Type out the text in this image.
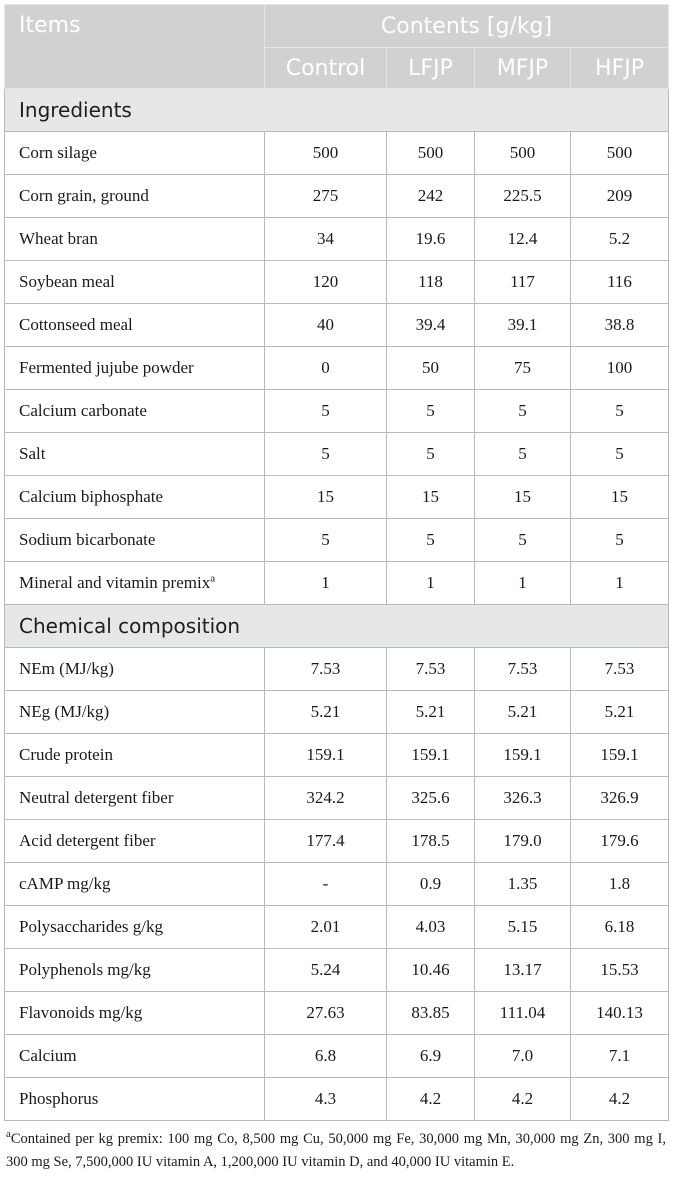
Items	Contents [g/kg]			
	Control	LFJP	MFJP	HFJP
Ingredients				
Corn silage	500	500	500	500
Corn grain, ground	275	242	225.5	209
Wheat bran	34	19.6	12.4	5.2
Soybean meal	120	118	117	116
Cottonseed meal	40	39.4	39.1	38.8
Fermented jujube powder	0	50	75	100
Calcium carbonate	5	5	5	5
Salt	5	5	5	5
Calcium biphosphate	15	15	15	15
Sodium bicarbonate	5	5	5	5
Mineral and vitamin premix$^a$	1	1	1	1
Chemical composition				
NEm (MJ/kg)	7.53	7.53	7.53	7.53
NEg (MJ/kg)	5.21	5.21	5.21	5.21
Crude protein	159.1	159.1	159.1	159.1
Neutral detergent fiber	324.2	325.6	326.3	326.9
Acid detergent fiber	177.4	178.5	179.0	179.6
cAMP mg/kg	-	0.9	1.35	1.8
Polysaccharides g/kg	2.01	4.03	5.15	6.18
Polyphenols mg/kg	5.24	10.46	13.17	15.53
Flavonoids mg/kg	27.63	83.85	111.04	140.13
Calcium	6.8	6.9	7.0	7.1
Phosphorus	4.3	4.2	4.2	4.2
$^a$Contained per kg premix: 100 mg Co, 8,500 mg Cu, 50,000 mg Fe, 30,000 mg Mn, 30,000 mg Zn, 300 mg I, 300 mg Se, 7,500,000 IU vitamin A, 1,200,000 IU vitamin D, and 40,000 IU vitamin E.
